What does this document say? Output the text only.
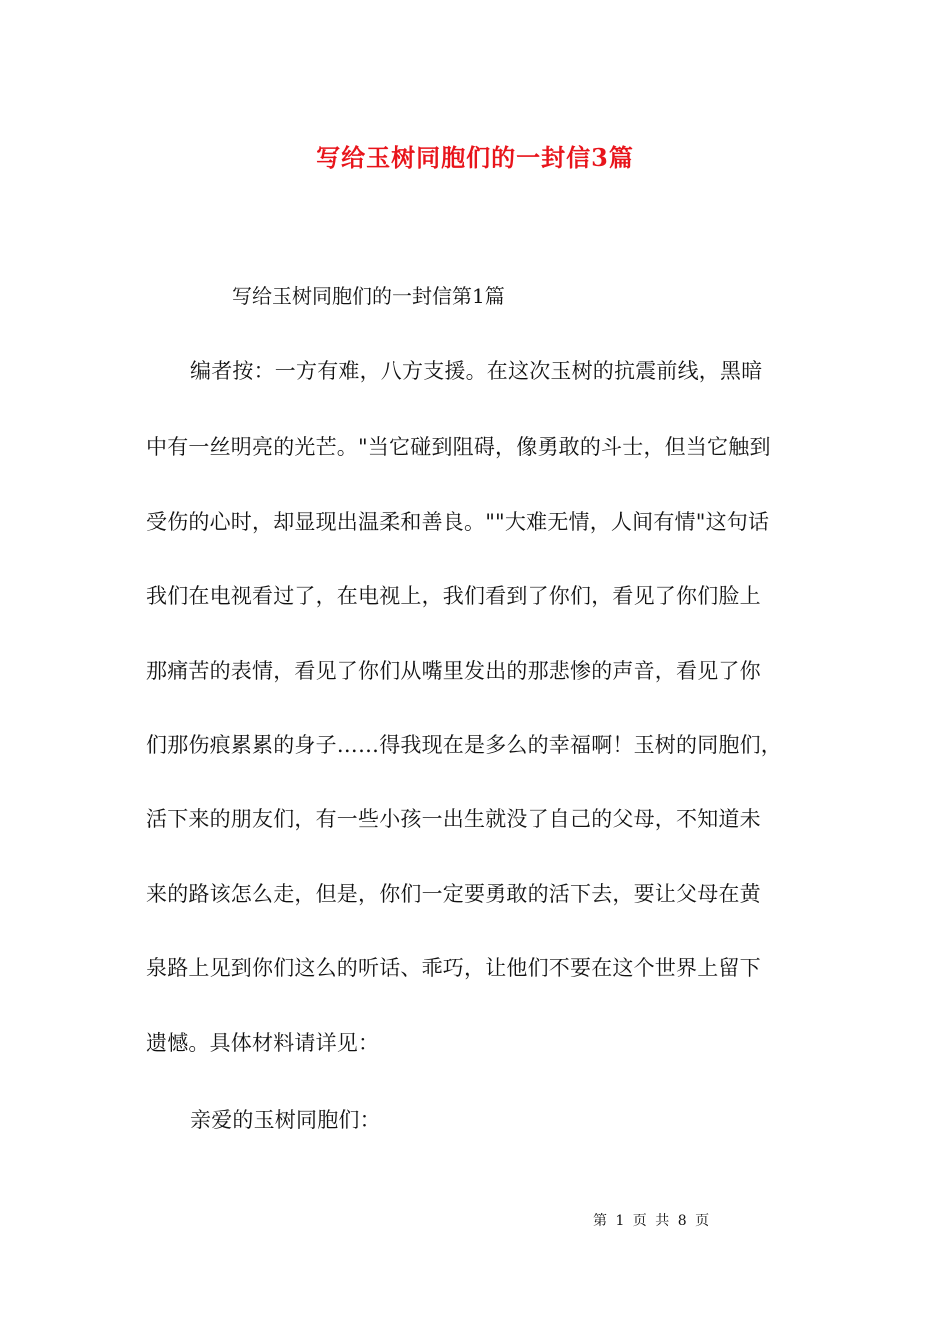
写给玉树同胞们的一封信3篇

写给玉树同胞们的一封信第1篇

编者按：一方有难，八方支援。在这次玉树的抗震前线，黑暗

中有一丝明亮的光芒。"当它碰到阻碍，像勇敢的斗士，但当它触到

受伤的心时，却显现出温柔和善良。""大难无情，人间有情"这句话

我们在电视看过了，在电视上，我们看到了你们，看见了你们脸上

那痛苦的表情，看见了你们从嘴里发出的那悲惨的声音，看见了你

们那伤痕累累的身子……得我现在是多么的幸福啊！玉树的同胞们，

活下来的朋友们，有一些小孩一出生就没了自己的父母，不知道未

来的路该怎么走，但是，你们一定要勇敢的活下去，要让父母在黄

泉路上见到你们这么的听话、乖巧，让他们不要在这个世界上留下

遗憾。具体材料请详见：

亲爱的玉树同胞们：

第 1 页 共 8 页
